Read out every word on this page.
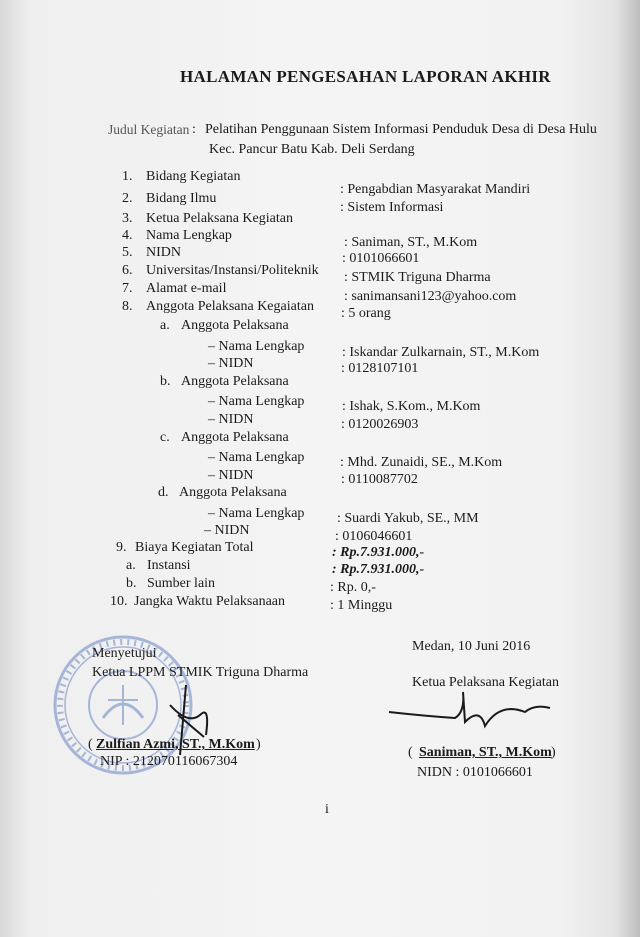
HALAMAN PENGESAHAN LAPORAN AKHIR
Judul Kegiatan : Pelatihan Penggunaan Sistem Informasi Penduduk Desa di Desa Hulu
Kec. Pancur Batu Kab. Deli Serdang
1. Bidang Kegiatan
: Pengabdian Masyarakat Mandiri
2. Bidang Ilmu
: Sistem Informasi
3. Ketua Pelaksana Kegiatan
4. Nama Lengkap	: Saniman, ST., M.Kom
5. NIDN	: 0101066601
6. Universitas/Instansi/Politeknik : STMIK Triguna Dharma
7. Alamat e-mail
: sanimansani123@yahoo.com
8. Anggota Pelaksana Kegaiatan : 5 orang
a. Anggota Pelaksana
– Nama Lengkap	: Iskandar Zulkarnain, ST., M.Kom
– NIDN	: 0128107101
b. Anggota Pelaksana
– Nama Lengkap	: Ishak, S.Kom., M.Kom
– NIDN	: 0120026903
c. Anggota Pelaksana
– Nama Lengkap	: Mhd. Zunaidi, SE., M.Kom
– NIDN	: 0110087702
d. Anggota Pelaksana
– Nama Lengkap : Suardi Yakub, SE., MM
– NIDN	: 0106046601
9. Biaya Kegiatan Total	: Rp.7.931.000,-
a. Instansi	: Rp.7.931.000,-
b. Sumber lain	: Rp. 0,-
10. Jangka Waktu Pelaksanaan	: 1 Minggu
Menyetujui
Ketua LPPM STMIK Triguna Dharma
( Zulfian Azmi, ST., M.Kom )
NIP : 212070116067304
Medan, 10 Juni 2016
Ketua Pelaksana Kegiatan
( Saniman, ST., M.Kom )
NIDN : 0101066601
i
